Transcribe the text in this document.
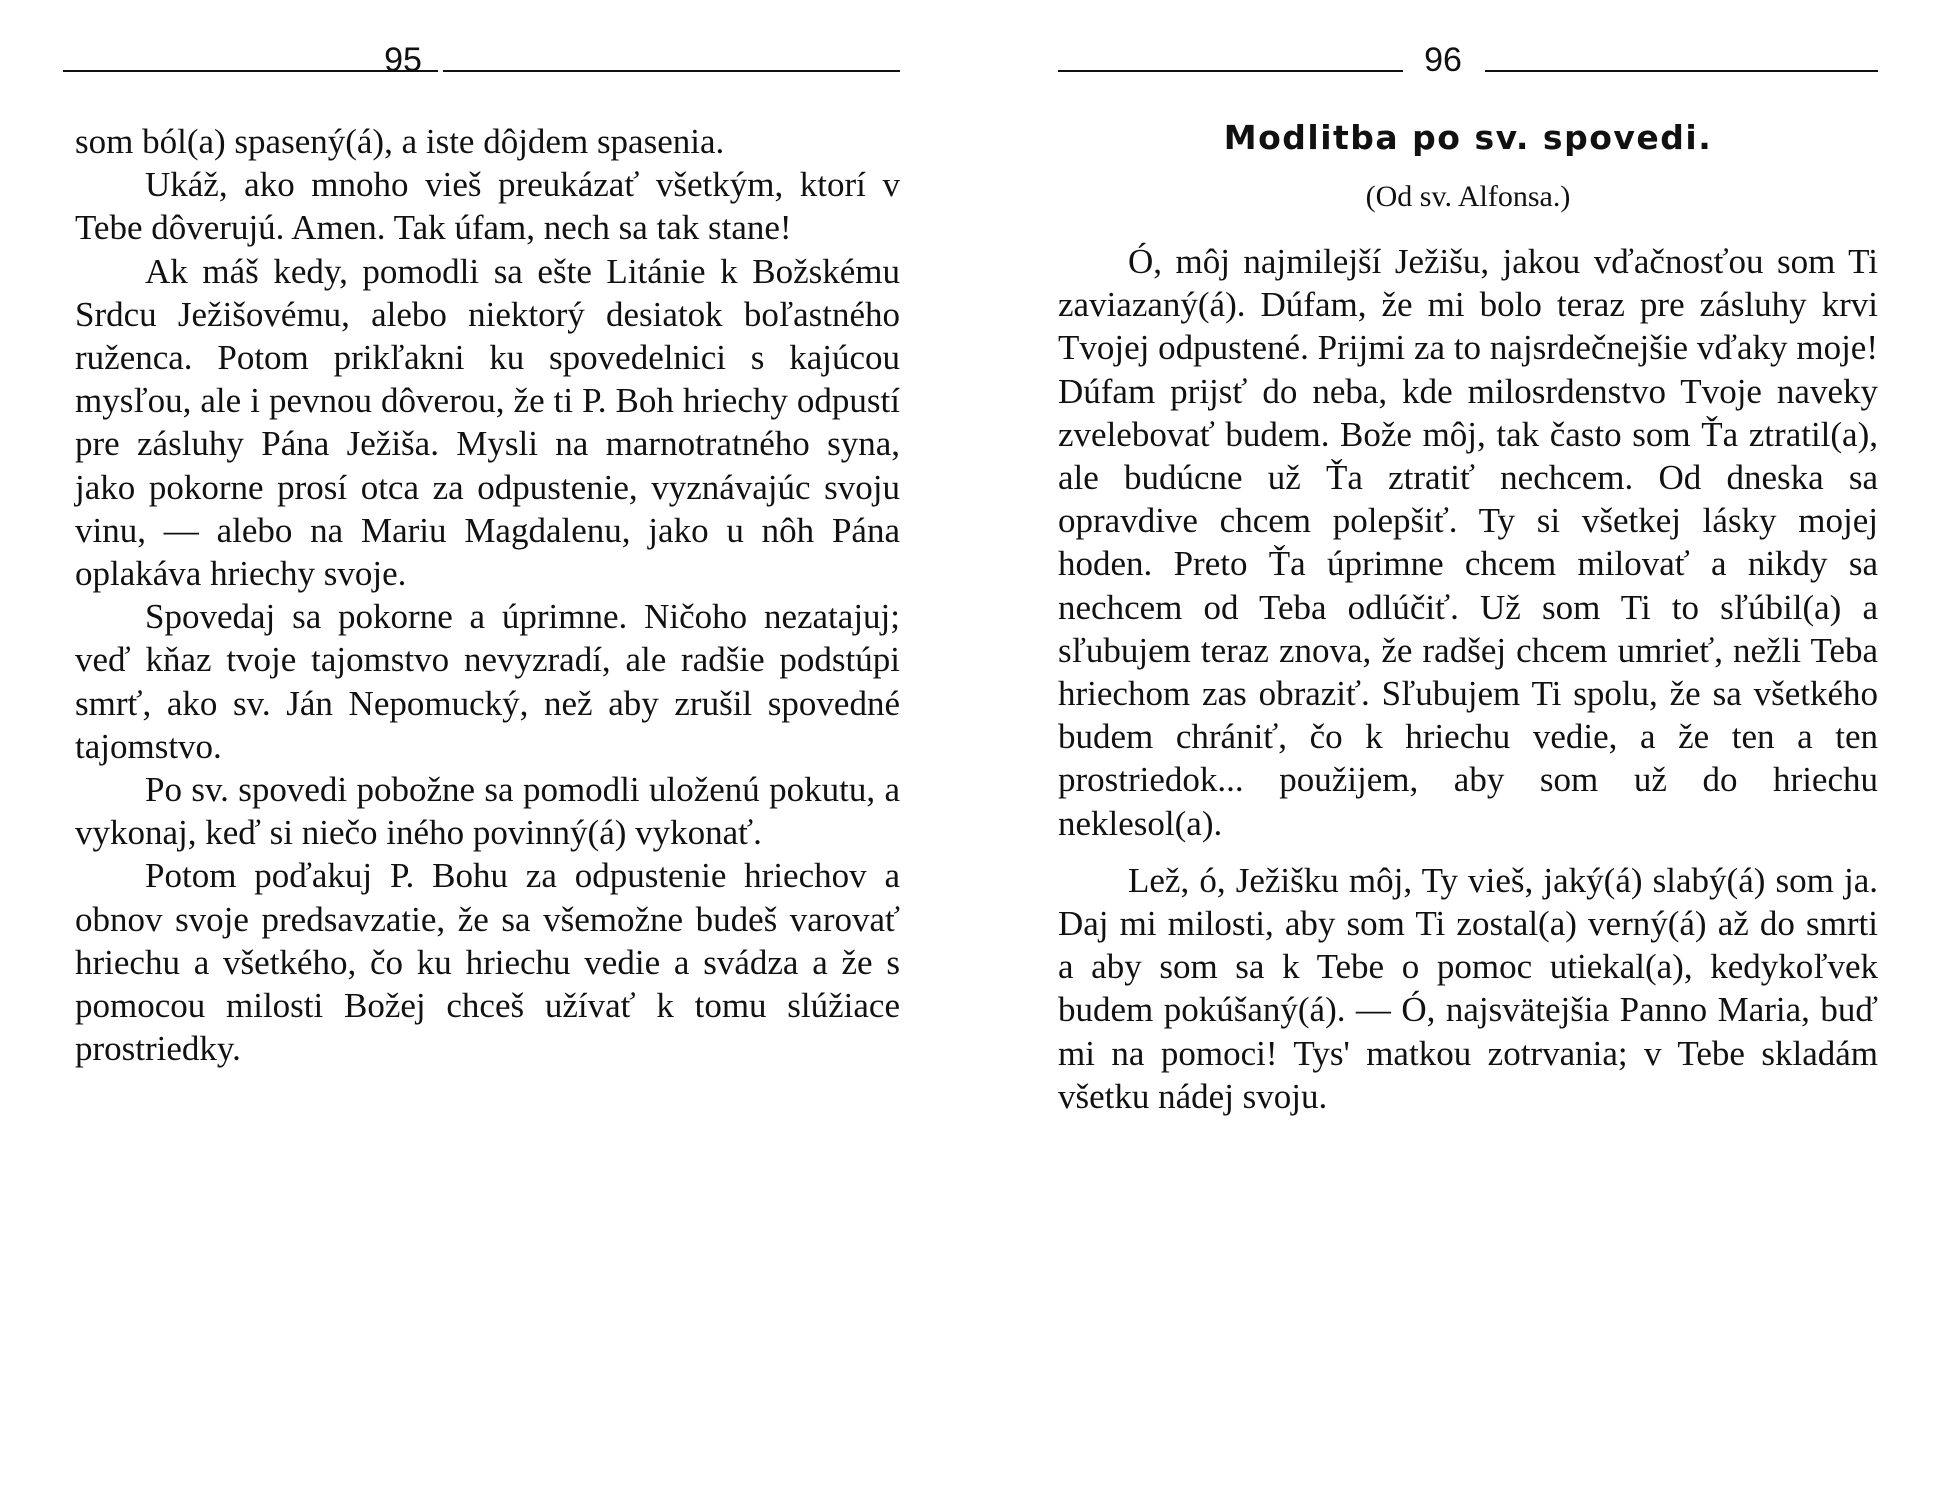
95

som ból(a) spasený(á), a iste dôjdem spasenia.

Ukáž, ako mnoho vieš preukázať všetkým, ktorí v Tebe dôverujú. Amen. Tak úfam, nech sa tak stane!

Ak máš kedy, pomodli sa ešte Litánie k Božskému Srdcu Ježišovému, alebo niektorý desiatok boľastného ruženca. Potom prikľakni ku spovedelnici s kajúcou mysľou, ale i pevnou dôverou, že ti P. Boh hriechy odpustí pre zásluhy Pána Ježiša. Mysli na marnotratného syna, jako pokorne prosí otca za odpustenie, vyznávajúc svoju vinu, — alebo na Mariu Magdalenu, jako u nôh Pána oplakáva hriechy svoje.

Spovedaj sa pokorne a úprimne. Ničoho nezatajuj; veď kňaz tvoje tajomstvo nevyzradí, ale radšie podstúpi smrť, ako sv. Ján Nepomucký, než aby zrušil spovedné tajomstvo.

Po sv. spovedi pobožne sa pomodli uloženú pokutu, a vykonaj, keď si niečo iného povinný(á) vykonať.

Potom poďakuj P. Bohu za odpustenie hriechov a obnov svoje predsavzatie, že sa všemožne budeš varovať hriechu a všetkého, čo ku hriechu vedie a svádza a že s pomocou milosti Božej chceš užívať k tomu slúžiace prostriedky.

96
Modlitba po sv. spovedi.
(Od sv. Alfonsa.)

Ó, môj najmilejší Ježišu, jakou vďačnosťou som Ti zaviazaný(á). Dúfam, že mi bolo teraz pre zásluhy krvi Tvojej odpustené. Prijmi za to najsrdečnejšie vďaky moje! Dúfam prijsť do neba, kde milosrdenstvo Tvoje naveky zvelebovať budem. Bože môj, tak často som Ťa ztratil(a), ale budúcne už Ťa ztratiť nechcem. Od dneska sa opravdive chcem polepšiť. Ty si všetkej lásky mojej hoden. Preto Ťa úprimne chcem milovať a nikdy sa nechcem od Teba odlúčiť. Už som Ti to sľúbil(a) a sľubujem teraz znova, že radšej chcem umrieť, nežli Teba hriechom zas obraziť. Sľubujem Ti spolu, že sa všetkého budem chrániť, čo k hriechu vedie, a že ten a ten prostriedok... použijem, aby som už do hriechu neklesol(a).

Lež, ó, Ježišku môj, Ty vieš, jaký(á) slabý(á) som ja. Daj mi milosti, aby som Ti zostal(a) verný(á) až do smrti a aby som sa k Tebe o pomoc utiekal(a), kedykoľvek budem pokúšaný(á). — Ó, najsvätejšia Panno Maria, buď mi na pomoci! Tys' matkou zotrvania; v Tebe skladám všetku nádej svoju.
